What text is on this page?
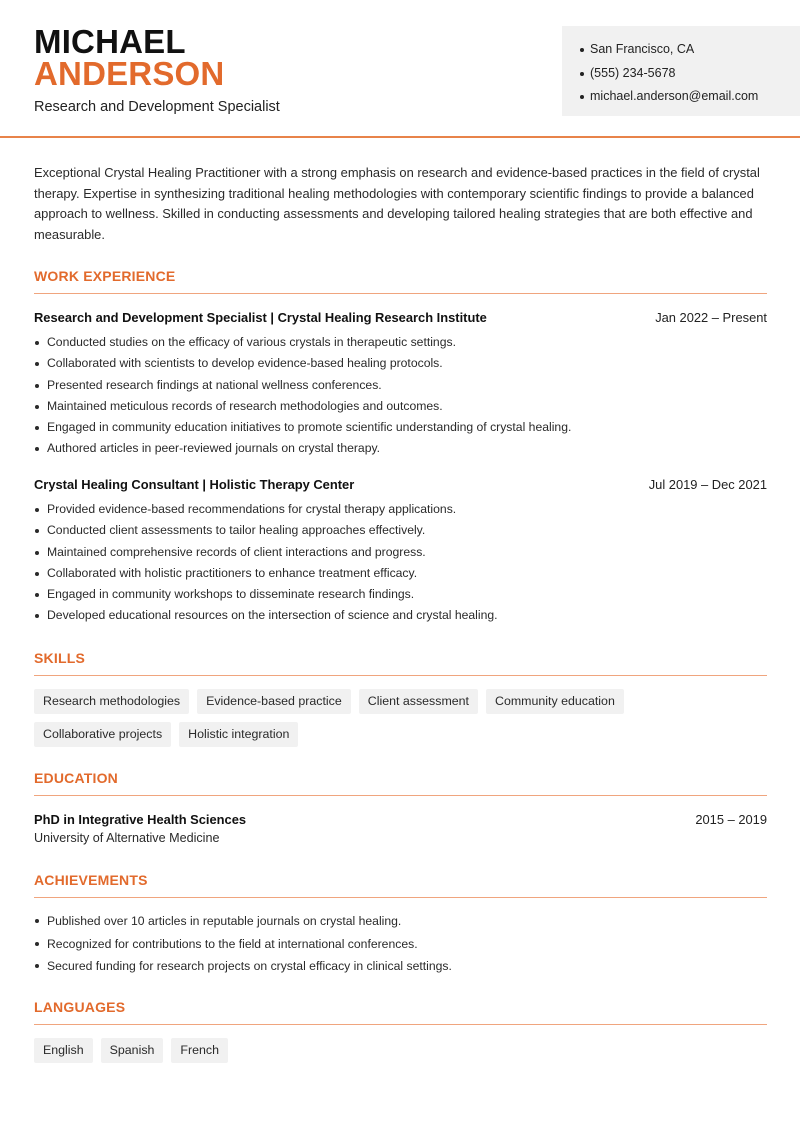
MICHAEL
ANDERSON
Research and Development Specialist
San Francisco, CA
(555) 234-5678
michael.anderson@email.com
Exceptional Crystal Healing Practitioner with a strong emphasis on research and evidence-based practices in the field of crystal therapy. Expertise in synthesizing traditional healing methodologies with contemporary scientific findings to provide a balanced approach to wellness. Skilled in conducting assessments and developing tailored healing strategies that are both effective and measurable.
WORK EXPERIENCE
Research and Development Specialist | Crystal Healing Research Institute	Jan 2022 – Present
Conducted studies on the efficacy of various crystals in therapeutic settings.
Collaborated with scientists to develop evidence-based healing protocols.
Presented research findings at national wellness conferences.
Maintained meticulous records of research methodologies and outcomes.
Engaged in community education initiatives to promote scientific understanding of crystal healing.
Authored articles in peer-reviewed journals on crystal therapy.
Crystal Healing Consultant | Holistic Therapy Center	Jul 2019 – Dec 2021
Provided evidence-based recommendations for crystal therapy applications.
Conducted client assessments to tailor healing approaches effectively.
Maintained comprehensive records of client interactions and progress.
Collaborated with holistic practitioners to enhance treatment efficacy.
Engaged in community workshops to disseminate research findings.
Developed educational resources on the intersection of science and crystal healing.
SKILLS
Research methodologies	Evidence-based practice	Client assessment	Community education
Collaborative projects	Holistic integration
EDUCATION
PhD in Integrative Health Sciences	2015 – 2019
University of Alternative Medicine
ACHIEVEMENTS
Published over 10 articles in reputable journals on crystal healing.
Recognized for contributions to the field at international conferences.
Secured funding for research projects on crystal efficacy in clinical settings.
LANGUAGES
English	Spanish	French
